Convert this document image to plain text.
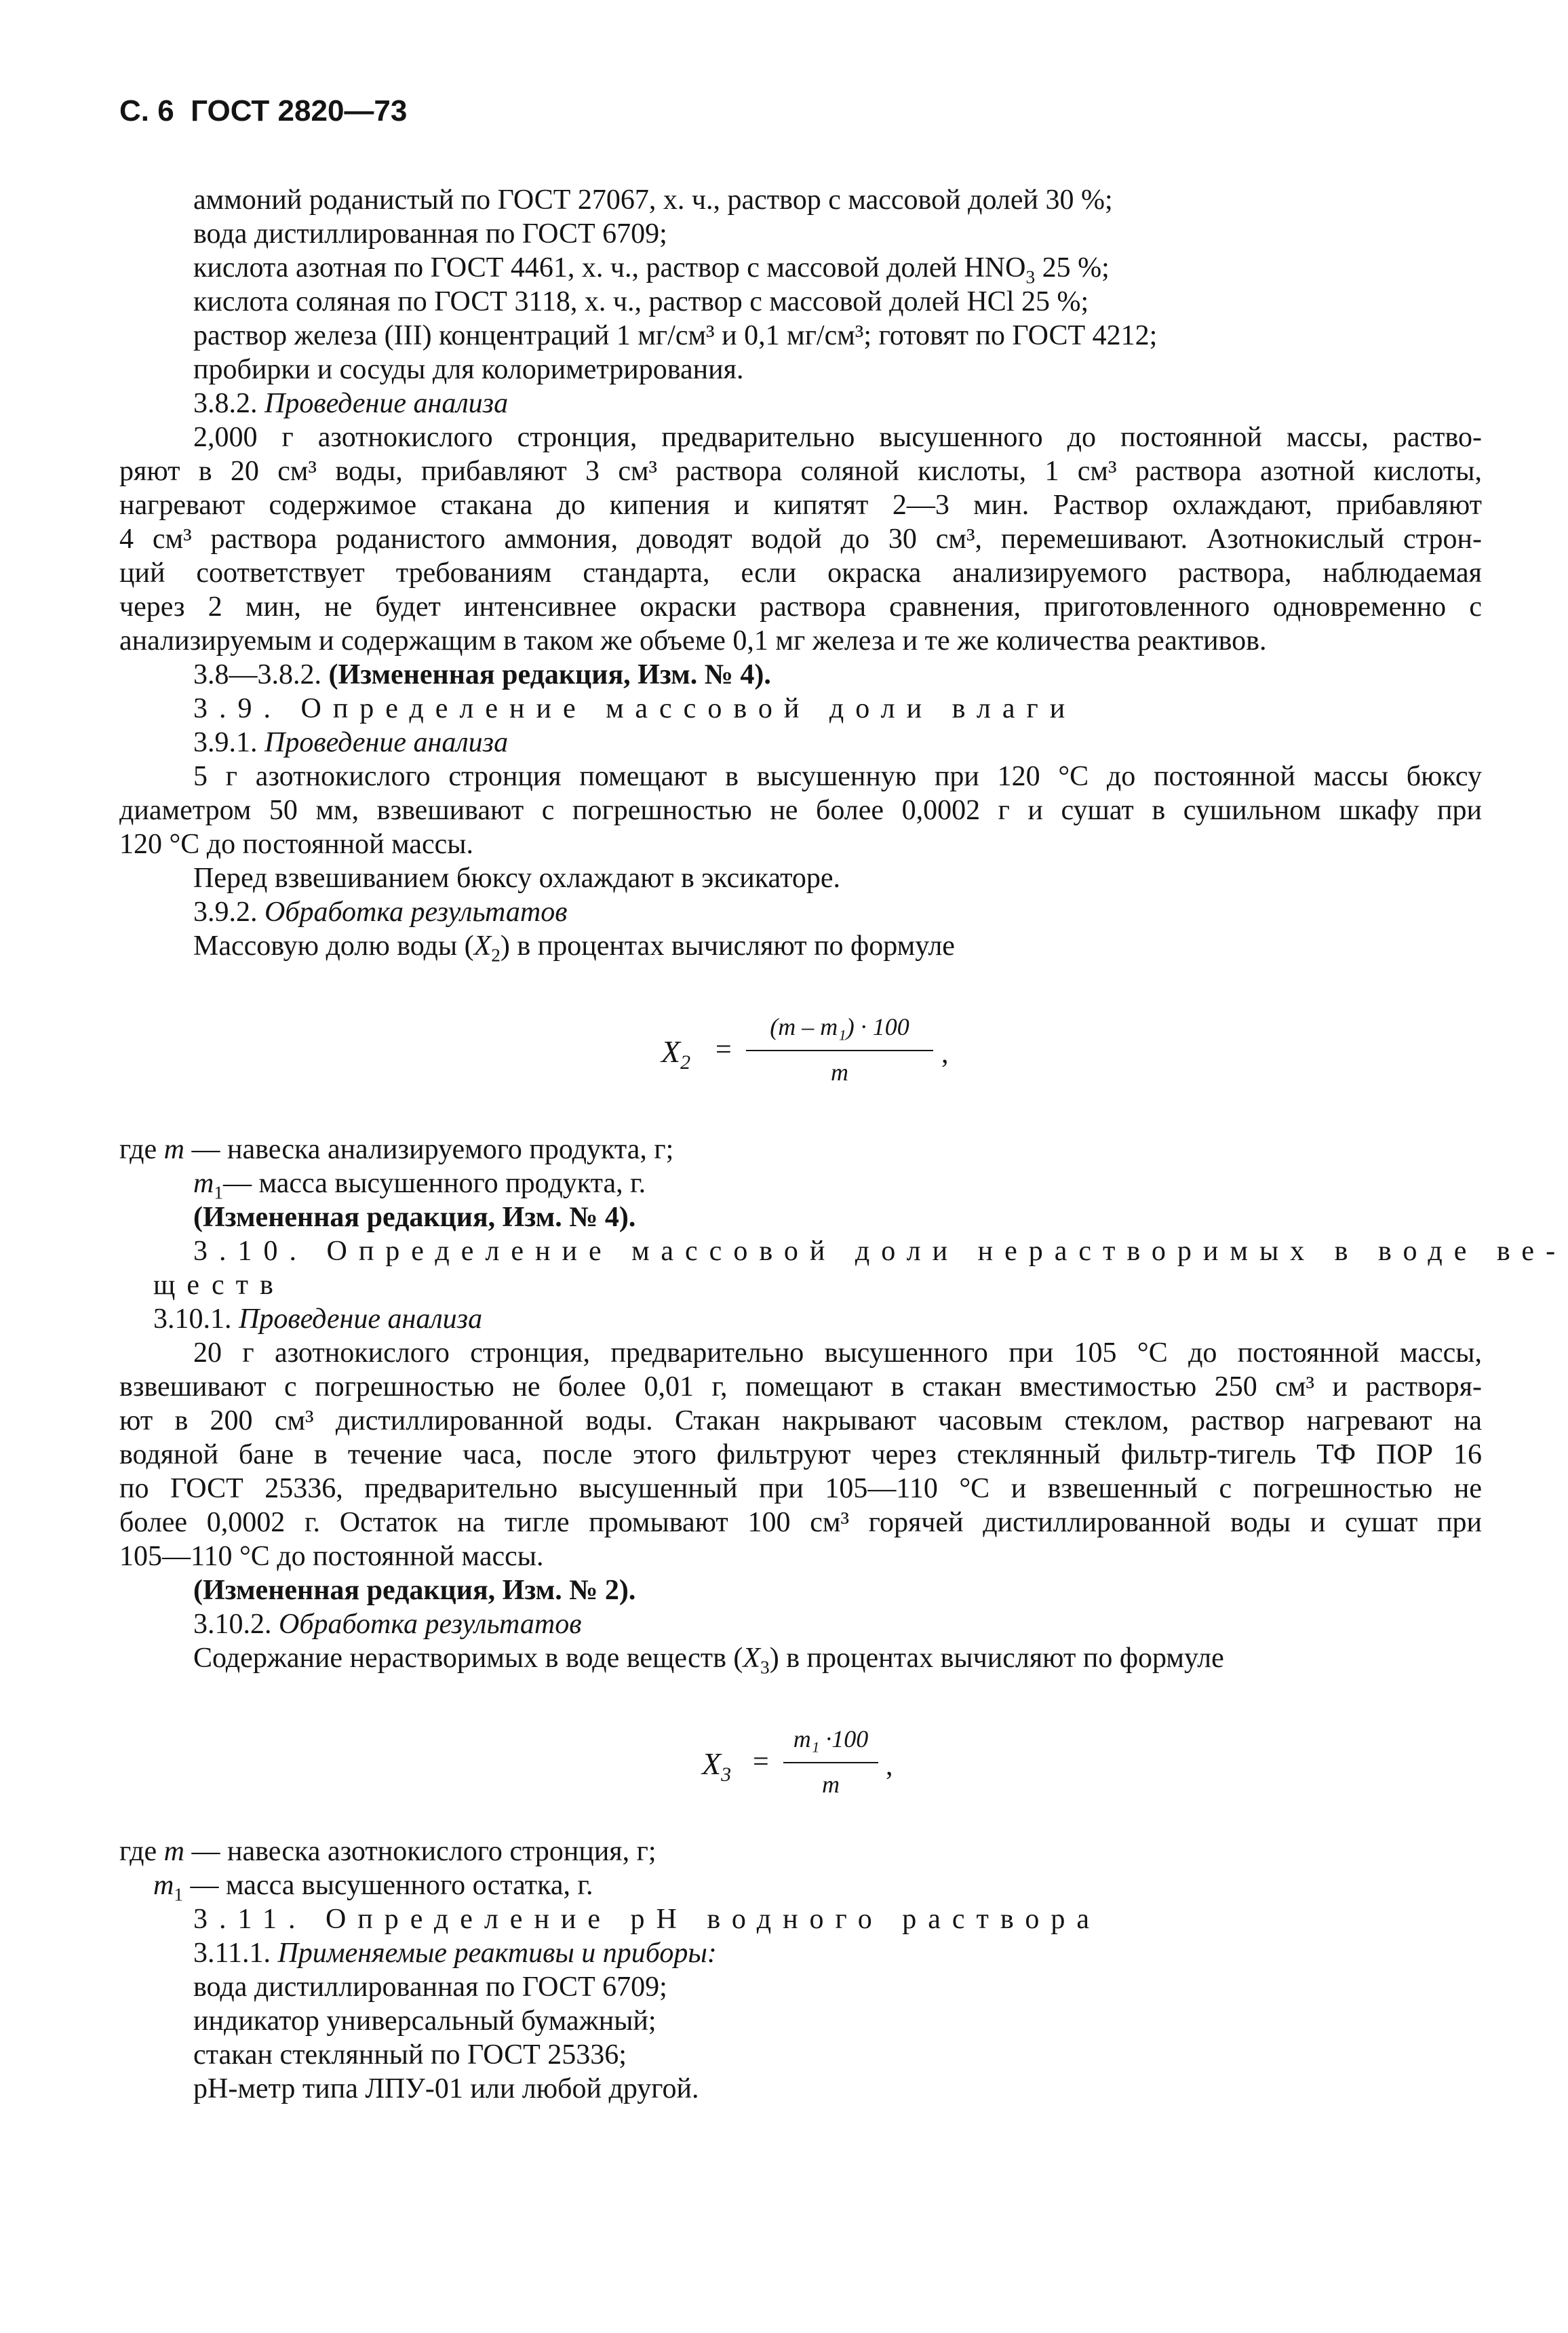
С. 6 ГОСТ 2820—73
аммоний роданистый по ГОСТ 27067, х. ч., раствор с массовой долей 30 %;
вода дистиллированная по ГОСТ 6709;
кислота азотная по ГОСТ 4461, х. ч., раствор с массовой долей $HNO_3$ 25 %;
кислота соляная по ГОСТ 3118, х. ч., раствор с массовой долей HCl 25 %;
раствор железа (III) концентраций 1 мг/см³ и 0,1 мг/см³; готовят по ГОСТ 4212;
пробирки и сосуды для колориметрирования.
3.8.2. Проведение анализа
2,000 г азотнокислого стронция, предварительно высушенного до постоянной массы, раство-
ряют в 20 см³ воды, прибавляют 3 см³ раствора соляной кислоты, 1 см³ раствора азотной кислоты,
нагревают содержимое стакана до кипения и кипятят 2—3 мин. Раствор охлаждают, прибавляют
4 см³ раствора роданистого аммония, доводят водой до 30 см³, перемешивают. Азотнокислый строн-
ций соответствует требованиям стандарта, если окраска анализируемого раствора, наблюдаемая
через 2 мин, не будет интенсивнее окраски раствора сравнения, приготовленного одновременно с
анализируемым и содержащим в таком же объеме 0,1 мг железа и те же количества реактивов.
3.8—3.8.2. (Измененная редакция, Изм. № 4).
3.9. Определение массовой доли влаги
3.9.1. Проведение анализа
5 г азотнокислого стронция помещают в высушенную при 120 °С до постоянной массы бюксу
диаметром 50 мм, взвешивают с погрешностью не более 0,0002 г и сушат в сушильном шкафу при
120 °С до постоянной массы.
Перед взвешиванием бюксу охлаждают в эксикаторе.
3.9.2. Обработка результатов
Массовую долю воды $(X_2)$ в процентах вычисляют по формуле
$X_2$ =
(m – m₁) · 100
m
,
где m — навеска анализируемого продукта, г;
$m_1—$ масса высушенного продукта, г.
(Измененная редакция, Изм. № 4).
3.10. Определение массовой доли нерастворимых в воде ве-
ществ
3.10.1. Проведение анализа
20 г азотнокислого стронция, предварительно высушенного при 105 °С до постоянной массы,
взвешивают с погрешностью не более 0,01 г, помещают в стакан вместимостью 250 см³ и растворя-
ют в 200 см³ дистиллированной воды. Стакан накрывают часовым стеклом, раствор нагревают на
водяной бане в течение часа, после этого фильтруют через стеклянный фильтр-тигель ТФ ПОР 16
по ГОСТ 25336, предварительно высушенный при 105—110 °С и взвешенный с погрешностью не
более 0,0002 г. Остаток на тигле промывают 100 см³ горячей дистиллированной воды и сушат при
105—110 °С до постоянной массы.
(Измененная редакция, Изм. № 2).
3.10.2. Обработка результатов
Содержание нерастворимых в воде веществ $(X_3)$ в процентах вычисляют по формуле
$X_3$ =
m₁ ·100
m
,
где m — навеска азотнокислого стронция, г;
$m_1$ — масса высушенного остатка, г.
3.11. Определение рН водного раствора
3.11.1. Применяемые реактивы и приборы:
вода дистиллированная по ГОСТ 6709;
индикатор универсальный бумажный;
стакан стеклянный по ГОСТ 25336;
рН-метр типа ЛПУ-01 или любой другой.
